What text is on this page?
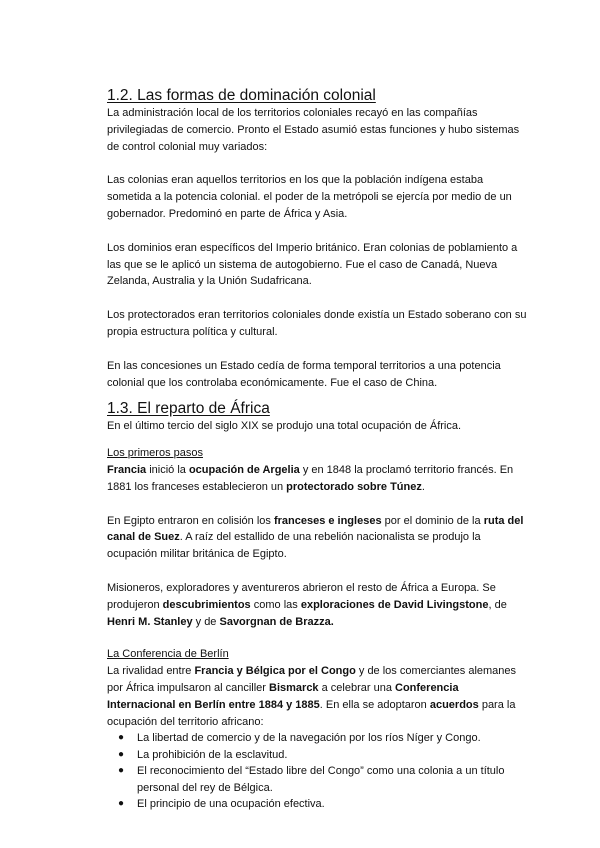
1.2. Las formas de dominación colonial

La administración local de los territorios coloniales recayó en las compañías privilegiadas de comercio. Pronto el Estado asumió estas funciones y hubo sistemas de control colonial muy variados:

Las colonias eran aquellos territorios en los que la población indígena estaba sometida a la potencia colonial. el poder de la metrópoli se ejercía por medio de un gobernador. Predominó en parte de África y Asia.

Los dominios eran específicos del Imperio británico. Eran colonias de poblamiento a las que se le aplicó un sistema de autogobierno. Fue el caso de Canadá, Nueva Zelanda, Australia y la Unión Sudafricana.

Los protectorados eran territorios coloniales donde existía un Estado soberano con su propia estructura política y cultural.

En las concesiones un Estado cedía de forma temporal territorios a una potencia colonial que los controlaba económicamente. Fue el caso de China.

1.3. El reparto de África

En el último tercio del siglo XIX se produjo una total ocupación de África.

Los primeros pasos

Francia inició la ocupación de Argelia y en 1848 la proclamó territorio francés. En 1881 los franceses establecieron un protectorado sobre Túnez.

En Egipto entraron en colisión los franceses e ingleses por el dominio de la ruta del canal de Suez. A raíz del estallido de una rebelión nacionalista se produjo la ocupación militar británica de Egipto.

Misioneros, exploradores y aventureros abrieron el resto de África a Europa. Se produjeron descubrimientos como las exploraciones de David Livingstone, de Henri M. Stanley y de Savorgnan de Brazza.

La Conferencia de Berlín

La rivalidad entre Francia y Bélgica por el Congo y de los comerciantes alemanes por África impulsaron al canciller Bismarck a celebrar una Conferencia Internacional en Berlín entre 1884 y 1885. En ella se adoptaron acuerdos para la ocupación del territorio africano:

● La libertad de comercio y de la navegación por los ríos Níger y Congo.
● La prohibición de la esclavitud.
● El reconocimiento del “Estado libre del Congo” como una colonia a un título personal del rey de Bélgica.
● El principio de una ocupación efectiva.
